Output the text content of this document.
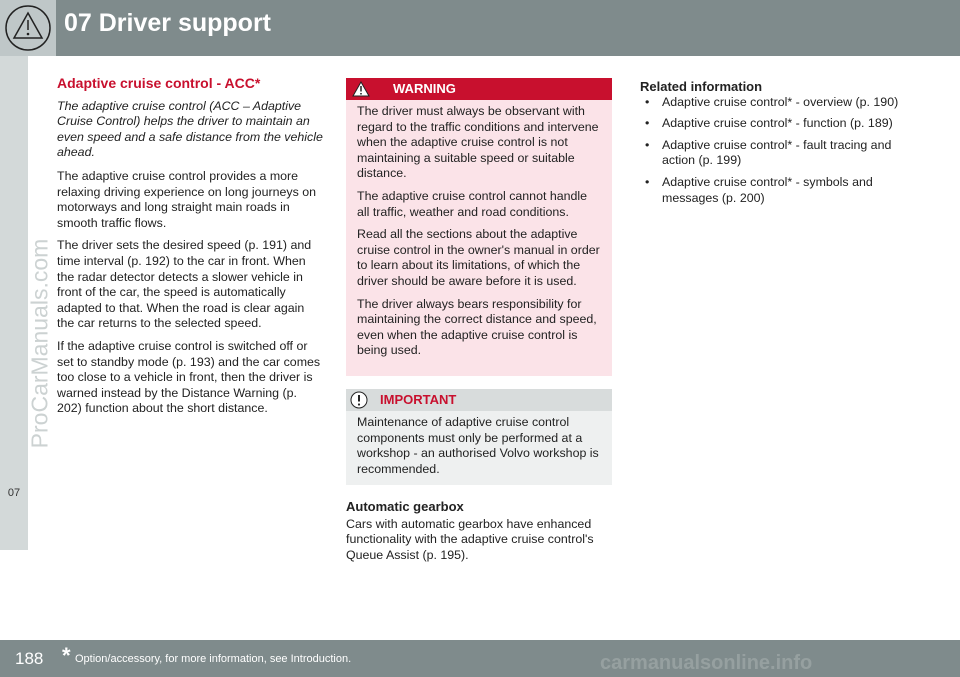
07 Driver support
07
ProCarManuals.com
Adaptive cruise control - ACC*
The adaptive cruise control (ACC – Adaptive Cruise Control) helps the driver to maintain an even speed and a safe distance from the vehicle ahead.

The adaptive cruise control provides a more relaxing driving experience on long journeys on motorways and long straight main roads in smooth traffic flows.

The driver sets the desired speed (p. 191) and time interval (p. 192) to the car in front. When the radar detector detects a slower vehicle in front of the car, the speed is automatically adapted to that. When the road is clear again the car returns to the selected speed.

If the adaptive cruise control is switched off or set to standby mode (p. 193) and the car comes too close to a vehicle in front, then the driver is warned instead by the Distance Warning (p. 202) function about the short distance.

WARNING

The driver must always be observant with regard to the traffic conditions and intervene when the adaptive cruise control is not maintaining a suitable speed or suitable distance.

The adaptive cruise control cannot handle all traffic, weather and road conditions.

Read all the sections about the adaptive cruise control in the owner's manual in order to learn about its limitations, of which the driver should be aware before it is used.

The driver always bears responsibility for maintaining the correct distance and speed, even when the adaptive cruise control is being used.

IMPORTANT

Maintenance of adaptive cruise control components must only be performed at a workshop - an authorised Volvo workshop is recommended.

Automatic gearbox
Cars with automatic gearbox have enhanced functionality with the adaptive cruise control's Queue Assist (p. 195).
Related information
• Adaptive cruise control* - overview (p. 190)
• Adaptive cruise control* - function (p. 189)
• Adaptive cruise control* - fault tracing and action (p. 199)
• Adaptive cruise control* - symbols and messages (p. 200)
188 * Option/accessory, for more information, see Introduction.	carmanualsonline.info
